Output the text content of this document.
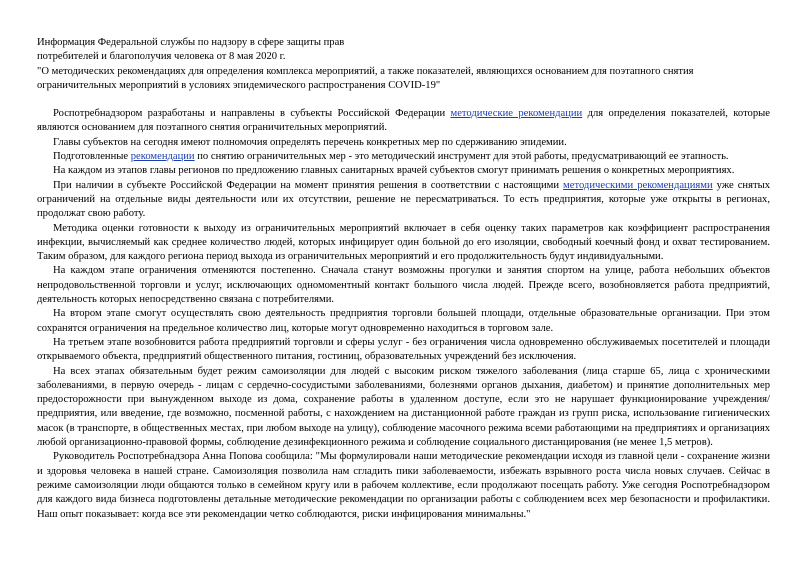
Информация Федеральной службы по надзору в сфере защиты прав

потребителей и благополучия человека от 8 мая 2020 г.

"О методических рекомендациях для определения комплекса мероприятий, а также показателей, являющихся основанием для поэтапного снятия

ограничительных мероприятий в условиях эпидемического распространения COVID-19"

Роспотребнадзором разработаны и направлены в субъекты Российской Федерации методические рекомендации для определения показателей, которые являются основанием для поэтапного снятия ограничительных мероприятий.

Главы субъектов на сегодня имеют полномочия определять перечень конкретных мер по сдерживанию эпидемии.

Подготовленные рекомендации по снятию ограничительных мер - это методический инструмент для этой работы, предусматривающий ее этапность.

На каждом из этапов главы регионов по предложению главных санитарных врачей субъектов смогут принимать решения о конкретных мероприятиях.

При наличии в субъекте Российской Федерации на момент принятия решения в соответствии с настоящими методическими рекомендациями уже снятых ограничений на отдельные виды деятельности или их отсутствии, решение не пересматриваться. То есть предприятия, которые уже открыты в регионах, продолжат свою работу.

Методика оценки готовности к выходу из ограничительных мероприятий включает в себя оценку таких параметров как коэффициент распространения инфекции, вычисляемый как среднее количество людей, которых инфицирует один больной до его изоляции, свободный коечный фонд и охват тестированием. Таким образом, для каждого региона период выхода из ограничительных мероприятий и его продолжительность будут индивидуальными.

На каждом этапе ограничения отменяются постепенно. Сначала станут возможны прогулки и занятия спортом на улице, работа небольших объектов непродовольственной торговли и услуг, исключающих одномоментный контакт большого числа людей. Прежде всего, возобновляется работа предприятий, деятельность которых непосредственно связана с потребителями.

На втором этапе смогут осуществлять свою деятельность предприятия торговли большей площади, отдельные образовательные организации. При этом сохранятся ограничения на предельное количество лиц, которые могут одновременно находиться в торговом зале.

На третьем этапе возобновится работа предприятий торговли и сферы услуг - без ограничения числа одновременно обслуживаемых посетителей и площади открываемого объекта, предприятий общественного питания, гостиниц, образовательных учреждений без исключения.

На всех этапах обязательным будет режим самоизоляции для людей с высоким риском тяжелого заболевания (лица старше 65, лица с хроническими заболеваниями, в первую очередь - лицам с сердечно-сосудистыми заболеваниями, болезнями органов дыхания, диабетом) и принятие дополнительных мер предосторожности при вынужденном выходе из дома, сохранение работы в удаленном доступе, если это не нарушает функционирование учреждения/предприятия, или введение, где возможно, посменной работы, с нахождением на дистанционной работе граждан из групп риска, использование гигиенических масок (в транспорте, в общественных местах, при любом выходе на улицу), соблюдение масочного режима всеми работающими на предприятиях и организациях любой организационно-правовой формы, соблюдение дезинфекционного режима и соблюдение социального дистанцирования (не менее 1,5 метров).

Руководитель Роспотребнадзора Анна Попова сообщила: "Мы формулировали наши методические рекомендации исходя из главной цели - сохранение жизни и здоровья человека в нашей стране. Самоизоляция позволила нам сгладить пики заболеваемости, избежать взрывного роста числа новых случаев. Сейчас в режиме самоизоляции люди общаются только в семейном кругу или в рабочем коллективе, если продолжают посещать работу. Уже сегодня Роспотребнадзором для каждого вида бизнеса подготовлены детальные методические рекомендации по организации работы с соблюдением всех мер безопасности и профилактики. Наш опыт показывает: когда все эти рекомендации четко соблюдаются, риски инфицирования минимальны."
